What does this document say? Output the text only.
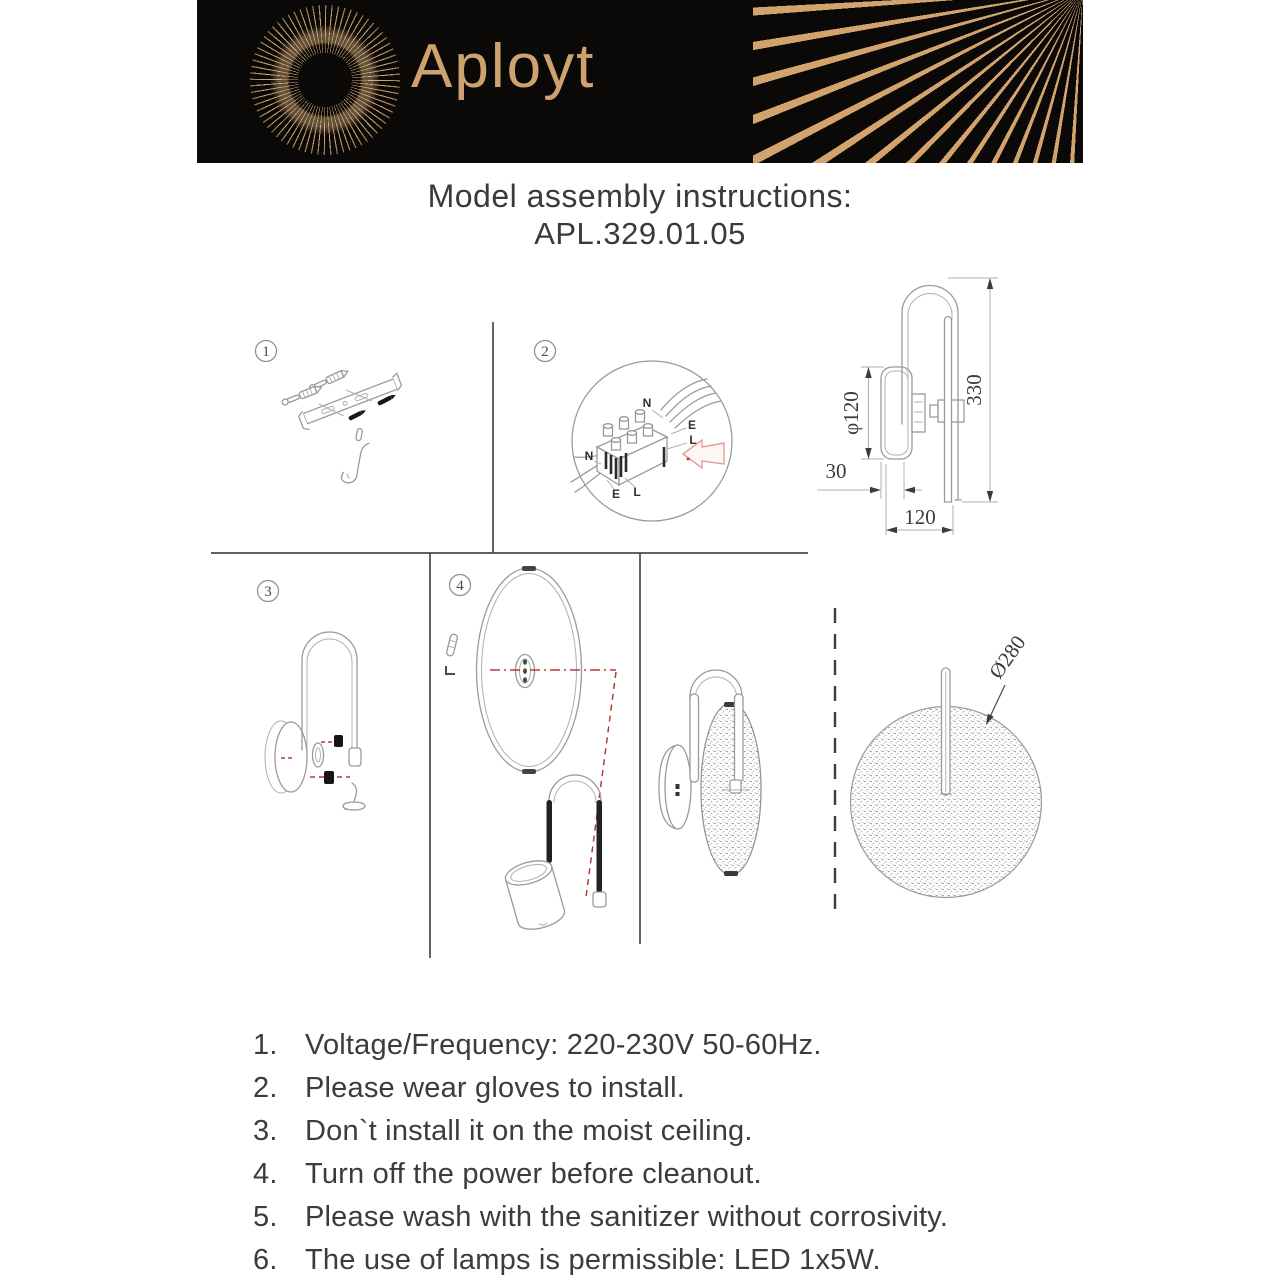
Aployt
Model assembly instructions:
APL.329.01.05
1	2
N
E
L
N
E L
330
φ120
30
120
3	4
Ø280
1. Voltage/Frequency: 220-230V 50-60Hz.
2. Please wear gloves to install.
3. Don`t install it on the moist ceiling.
4. Turn off the power before cleanout.
5. Please wash with the sanitizer without corrosivity.
6. The use of lamps is permissible: LED 1x5W.
